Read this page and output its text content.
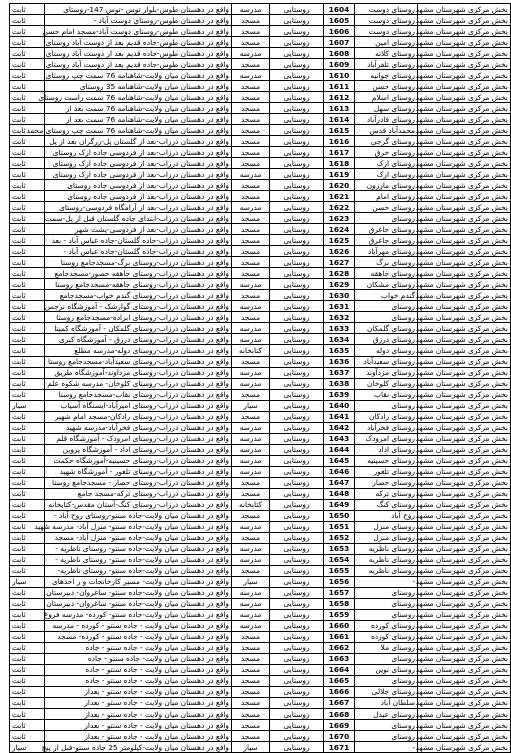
بخش مرکزی شهرستان مشهد	روستای دوست	1604	روستایی	مدرسه	واقع در دهستان طوس-بلوار توس -توس 147-روستای	ثابت
بخش مرکزی شهرستان مشهد	روستای دوست	1605	روستایی	مسجد	واقع در دهستان طوس-روستای دوست آباد -	ثابت
بخش مرکزی شهرستان مشهد	روستای دوست	1606	روستایی	مسجد	واقع در دهستان طوس-روستای دوست آباد-مسجد امام حسن	ثابت
بخش مرکزی شهرستان مشهد	روستای امین	1607	روستایی	مسجد	واقع در دهستان طوس-جاده قدیم بعد از دوست آباد روستای	ثابت
بخش مرکزی شهرستان مشهد	روستای کلاته	1608	روستایی	مدرسه	واقع در دهستان طوس-جاده قدیم بعد از دوست آباد روستای	ثابت
بخش مرکزی شهرستان مشهد	روستای تلفرآباد	1609	روستایی	مسجد	واقع در دهستان طوس-جاده قدیم بعد از دوست آباد روستای	ثابت
بخش مرکزی شهرستان مشهد	روستای جوانیه	1610	روستایی	مدرسه	واقع در دهستان میان ولایت-شاهنامه 76 سمت چپ روستای	ثابت
بخش مرکزی شهرستان مشهد	روستای حسن	1611	روستایی	مسجد	واقع در دهستان میان ولایت-شاهنامه 35 روستای	ثابت
بخش مرکزی شهرستان مشهد	روستای اسلام	1612	روستایی	مسجد	واقع در دهستان میان ولایت-شاهنامه 76 سمت راست روستای	ثابت
بخش مرکزی شهرستان مشهد	روستای سهل	1613	روستایی	مسجد	واقع در دهستان میان ولایت-شاهنامه 76 سمت بعد از	ثابت
بخش مرکزی شهرستان مشهد	روستای قادرآباد	1614	روستایی	مسجد	واقع در دهستان میان ولایت-شاهنامه 76 سمت بعد از	ثابت
بخش مرکزی شهرستان مشهد	محمدآباد قدس	1615	روستایی	مسجد	واقع در دهستان میان ولایت-شاهنامه 76 سمت چپ روستای محمد	ثابت
بخش مرکزی شهرستان مشهد	روستای گرجی	1616	روستایی	مسجد	واقع در دهستان درزاب-بعد از گلستان پل-زرگران بعد از پل	ثابت
بخش مرکزی شهرستان مشهد	روستای خرق	1617	روستایی	مسجد	واقع در دهستان درزاب-بعد از فردوسی جاده ازک روستای	ثابت
بخش مرکزی شهرستان مشهد	روستای ازک	1618	روستایی	مسجد	واقع در دهستان درزاب-بعد از فردوسی جاده ازک روستای	ثابت
بخش مرکزی شهرستان مشهد	روستای ازک	1619	روستایی	مدرسه	واقع در دهستان درزاب-بعد از فردوسی جاده ازک روستای	ثابت
بخش مرکزی شهرستان مشهد	روستای مارزون	1620	روستایی	مسجد	واقع در دهستان درزاب-بعد از فردوسی جاده روستای	ثابت
بخش مرکزی شهرستان مشهد	روستای امام	1621	روستایی	مسجد	واقع در دهستان درزاب-بعد از فردوسی جاده روستای	ثابت
بخش مرکزی شهرستان مشهد	روستای حسن	1622	روستایی	مدرسه	واقع در دهستان درزاب-بعد از آرامگاه فردوسی-روستای	ثابت
بخش مرکزی شهرستان مشهد	روستای	1623	روستایی	مسجد	واقع در دهستان درزاب-ابتدای جاده گلستان قبل از پل-سمت	ثابت
بخش مرکزی شهرستان مشهد	روستای جاغرق	1624	روستایی	مسجد	واقع در دهستان درزاب-بعد از فردوسی-پشت شهر	ثابت
بخش مرکزی شهرستان مشهد	روستای جاغرق	1625	روستایی	مسجد	واقع در دهستان درزاب-جاده گلستان-جاده عباس آباد - بعد	ثابت
بخش مرکزی شهرستان مشهد	روستای مهرآباد	1626	روستایی	مسجد	واقع در دهستان درزاب-جاده گلستان-جاده عباس آباد -	ثابت
بخش مرکزی شهرستان مشهد	روستای برگ	1627	روستایی	مسجد	واقع در دهستان درزاب-روستای برگ-مسجدجامع روستا	ثابت
بخش مرکزی شهرستان مشهد	روستای جاهقه	1628	روستایی	مسجد	واقع در دهستان درزاب-روستای جاهقه حصور-مسجدجامع	ثابت
بخش مرکزی شهرستان مشهد	روستای مشکان	1629	روستایی	مدرسه	واقع در دهستان درزاب-روستای جاهقه-مسجدجامع روستا	ثابت
بخش مرکزی شهرستان مشهد	گندم خواب	1630	روستایی	مسجد	واقع در دهستان درزاب-روستای گندم خواب-مسجدجامع	ثابت
بخش مرکزی شهرستان مشهد	روستای	1631	روستایی	مدرسه	واقع در دهستان درزاب-روستای گوارشک - آموزشگاه نرجس	ثابت
بخش مرکزی شهرستان مشهد	روستای	1632	روستایی	مسجد	واقع در دهستان درزاب-روستای ابراده-مسجدجامع روستا	ثابت
بخش مرکزی شهرستان مشهد	روستای گلمکان	1633	روستایی	مدرسه	واقع در دهستان درزاب-روستای گلمکان - آموزشگاه کمیتا	ثابت
بخش مرکزی شهرستان مشهد	روستای درزق	1634	روستایی	مدرسه	واقع در دهستان درزاب-روستای درزق - آموزشگاه کبری	ثابت
بخش مرکزی شهرستان مشهد	روستای دوله	1635	روستایی	کتابخانه	واقع در دهستان درزاب-روستای دوله-مدرسه مطلع	ثابت
بخش مرکزی شهرستان مشهد	روستای سعیدآباد	1636	روستایی	مسجد	واقع در دهستان درزاب-روستای سعیدآباد-مسجدجامع روستا	ثابت
بخش مرکزی شهرستان مشهد	روستای مزدآوند	1637	روستایی	مدرسه	واقع در دهستان درزاب-روستای مزداوند-آموزشگاه طریق	ثابت
بخش مرکزی شهرستان مشهد	روستای کلوخان	1638	روستایی	مدرسه	واقع در دهستان درزاب-روستای کلوخان- مدرسه شکوه علم	ثابت
بخش مرکزی شهرستان مشهد	روستای نقاب	1639	روستایی	مسجد	واقع در دهستان درزاب-روستای نقاب-مسجدجامع روستا	ثابت
بخش مرکزی شهرستان مشهد	روستای	1640	روستایی	سیار	واقع در دهستان درزاب-روستای امیرآباد-ایستگاه آسیاب	سیار
بخش مرکزی شهرستان مشهد	روستای رادکان	1641	روستایی	مسجد	واقع در دهستان درزاب-روستای رادکان-مسجد امام شهیر	ثابت
بخش مرکزی شهرستان مشهد	روستای فخرآباد	1642	روستایی	مدرسه	واقع در دهستان درزاب-روستای فخرآباد-مدرسه شهید	ثابت
بخش مرکزی شهرستان مشهد	روستای امرودک	1643	روستایی	مدرسه	واقع در دهستان درزاب-روستای امرودک - آموزشگاه قلم	ثابت
بخش مرکزی شهرستان مشهد	روستای اداد	1644	روستایی	مدرسه	واقع در دهستان درزاب-روستای اداد - آموزشگاه پروین	ثابت
بخش مرکزی شهرستان مشهد	روستای حسینیه	1645	روستایی	مدرسه	واقع در دهستان درزاب-روستای حسینیه-آموزشگاه حکمت	ثابت
بخش مرکزی شهرستان مشهد	روستای تلغور	1646	روستایی	مدرسه	واقع در دهستان درزاب-روستای تلغور - آموزشگاه شهید	ثابت
بخش مرکزی شهرستان مشهد	روستای حصار	1647	روستایی	مسجد	واقع در دهستان درزاب-روستای حصار - مسجدجامع روستا	ثابت
بخش مرکزی شهرستان مشهد	روستای ترکه	1648	روستایی	مسجد	واقع در دهستان درزاب-روستای ترکه-مسجد جامع	ثابت
بخش مرکزی شهرستان مشهد	روستای کنگ	1649	روستایی	کتابخانه	واقع در دهستان درزاب-روستای کنگ-آستان مقدس-کتابخانه	ثابت
بخش مرکزی شهرستان مشهد	روح آباد	1650	روستایی	مسجد	واقع در دهستان میان ولایت-جاده سنتو-روستای روح آباد -	ثابت
بخش مرکزی شهرستان مشهد	روستای منزل	1651	روستایی	مدرسه	واقع در دهستان میان ولایت-جاده سنتو- منزل آباد- مدرسه شهید	ثابت
بخش مرکزی شهرستان مشهد	روستای منزل	1652	روستایی	مسجد	واقع در دهستان میان ولایت-جاده سنتو- منزل آباد- مسجد	ثابت
بخش مرکزی شهرستان مشهد	روستای ناظریه	1653	روستایی	مدرسه	واقع در دهستان میان ولایت-جاده سنتو- روستای ناظریه -	ثابت
بخش مرکزی شهرستان مشهد	روستای ناظریه	1654	روستایی	مدرسه	واقع در دهستان میان ولایت-جاده سنتو- روستای ناظریه -	ثابت
بخش مرکزی شهرستان مشهد	روستای ناظریه	1655	روستایی	مسجد	واقع در دهستان میان ولایت-جاده سنتو- روستای ناظریه-	ثابت
بخش مرکزی شهرستان مشهد	-	1656	روستایی	سیار	واقع در دهستان میان ولایت- مسیر کارخانجات و ر احدهای	سیار
بخش مرکزی شهرستان مشهد	روستای	1657	روستایی	مدرسه	واقع در دهستان میان ولایت-جاده سنتو- ساغروان- دبیرستان	ثابت
بخش مرکزی شهرستان مشهد	روستای	1658	روستایی	مدرسه	واقع در دهستان میان ولایت-جاده سنتو- ساغروان- دبیرستان	ثابت
بخش مرکزی شهرستان مشهد	روستای	1659	روستایی	مدرسه	واقع در دهستان میان ولایت-جاده سنتو- کورده- مدرسه فروغ	ثابت
بخش مرکزی شهرستان مشهد	روستای کورده	1660	روستایی	مدرسه	واقع در دهستان میان ولایت - جاده سنتو - کورده - مدرسه	ثابت
بخش مرکزی شهرستان مشهد	روستای کورده	1661	روستایی	مسجد	واقع در دهستان میان ولایت - جاده سنتو - کورده- مسجد	ثابت
بخش مرکزی شهرستان مشهد	روستای ملا	1662	روستایی	مسجد	واقع در دهستان میان ولایت - جاده سنتو - جاده	ثابت
بخش مرکزی شهرستان مشهد	روستای	1663	روستایی	مسجد	واقع در دهستان میان ولایت- جاده سنتو - جاده	ثابت
بخش مرکزی شهرستان مشهد	روستای نوین	1664	روستایی	مسجد	واقع در دهستان میان ولایت - جاده سنتو - جاده	ثابت
بخش مرکزی شهرستان مشهد	روستای	1665	روستایی	مسجد	واقع در دهستان میان ولایت - جاده سنتو - جاده	ثابت
بخش مرکزی شهرستان مشهد	روستای جلالی	1666	روستایی	مسجد	واقع در دهستان میان ولایت - جاده سنتو - بعداز	ثابت
بخش مرکزی شهرستان مشهد	سلطان آباد	1667	روستایی	مسجد	واقع در دهستان میان ولایت - جاده سنتو - بعداز	ثابت
بخش مرکزی شهرستان مشهد	روستای عیدل	1668	روستایی	مسجد	واقع در دهستان میان ولایت - جاده سنتو - بعداز	ثابت
بخش مرکزی شهرستان مشهد	روستای	1669	روستایی	مسجد	واقع در دهستان میان ولایت - جاده سنتو - بعداز	ثابت
بخش مرکزی شهرستان مشهد	روستای	1670	روستایی	مسجد	واقع در دهستان میان ولایت - جاده سنتو - بعداز	ثابت
بخش مرکزی شهرستان مشهد	-	1671	روستایی	سیار	واقع در دهستان میان ولایت-کیلومتر 25 جاده سنتو-قبل از پیچ	سیار
